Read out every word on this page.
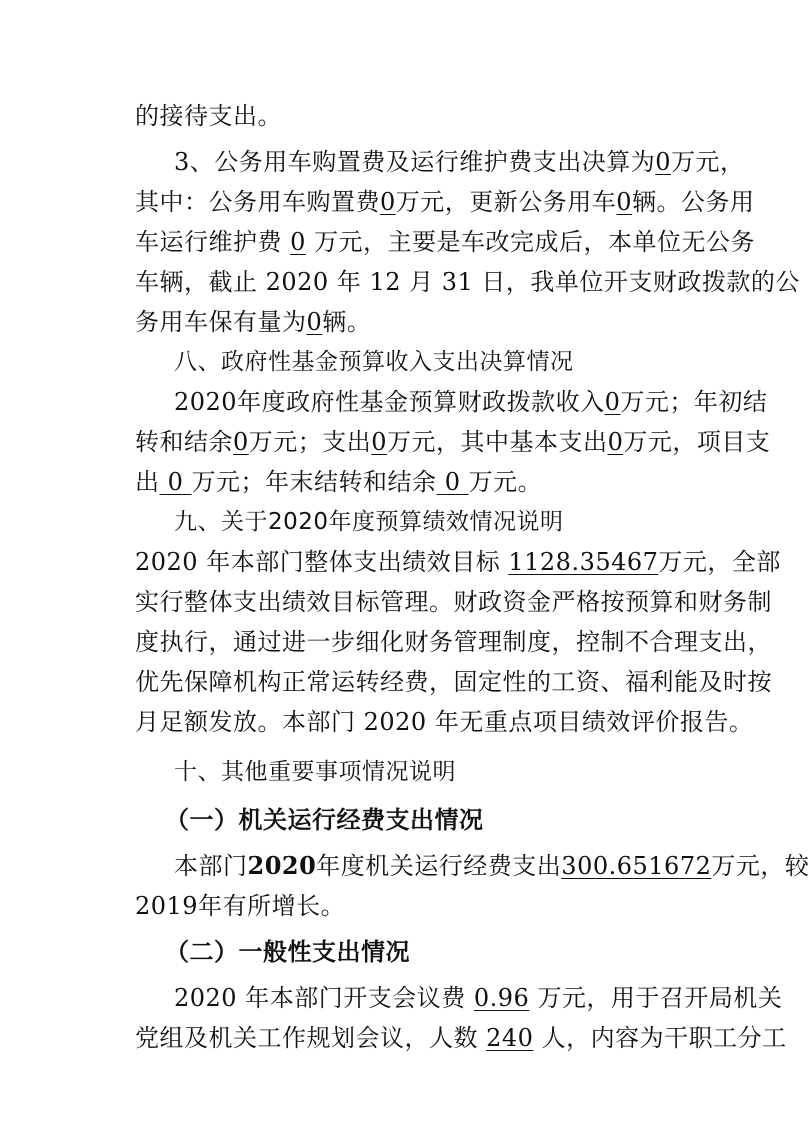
的接待支出。
3、公务用车购置费及运行维护费支出决算为0万元，
其中：公务用车购置费0万元，更新公务用车0辆。公务用
车运行维护费 0 万元，主要是车改完成后，本单位无公务
车辆，截止 2020 年 12 月 31 日，我单位开支财政拨款的公
务用车保有量为0辆。
八、政府性基金预算收入支出决算情况
2020年度政府性基金预算财政拨款收入0万元；年初结
转和结余0万元；支出0万元，其中基本支出0万元，项目支
出 0 万元；年末结转和结余 0 万元。
九、关于2020年度预算绩效情况说明
2020 年本部门整体支出绩效目标 1128.35467万元，全部
实行整体支出绩效目标管理。财政资金严格按预算和财务制
度执行，通过进一步细化财务管理制度，控制不合理支出，
优先保障机构正常运转经费，固定性的工资、福利能及时按
月足额发放。本部门 2020 年无重点项目绩效评价报告。
十、其他重要事项情况说明
（一）机关运行经费支出情况
本部门2020年度机关运行经费支出300.651672万元，较
2019年有所增长。
（二）一般性支出情况
2020 年本部门开支会议费 0.96 万元，用于召开局机关
党组及机关工作规划会议，人数 240 人，内容为干职工分工
